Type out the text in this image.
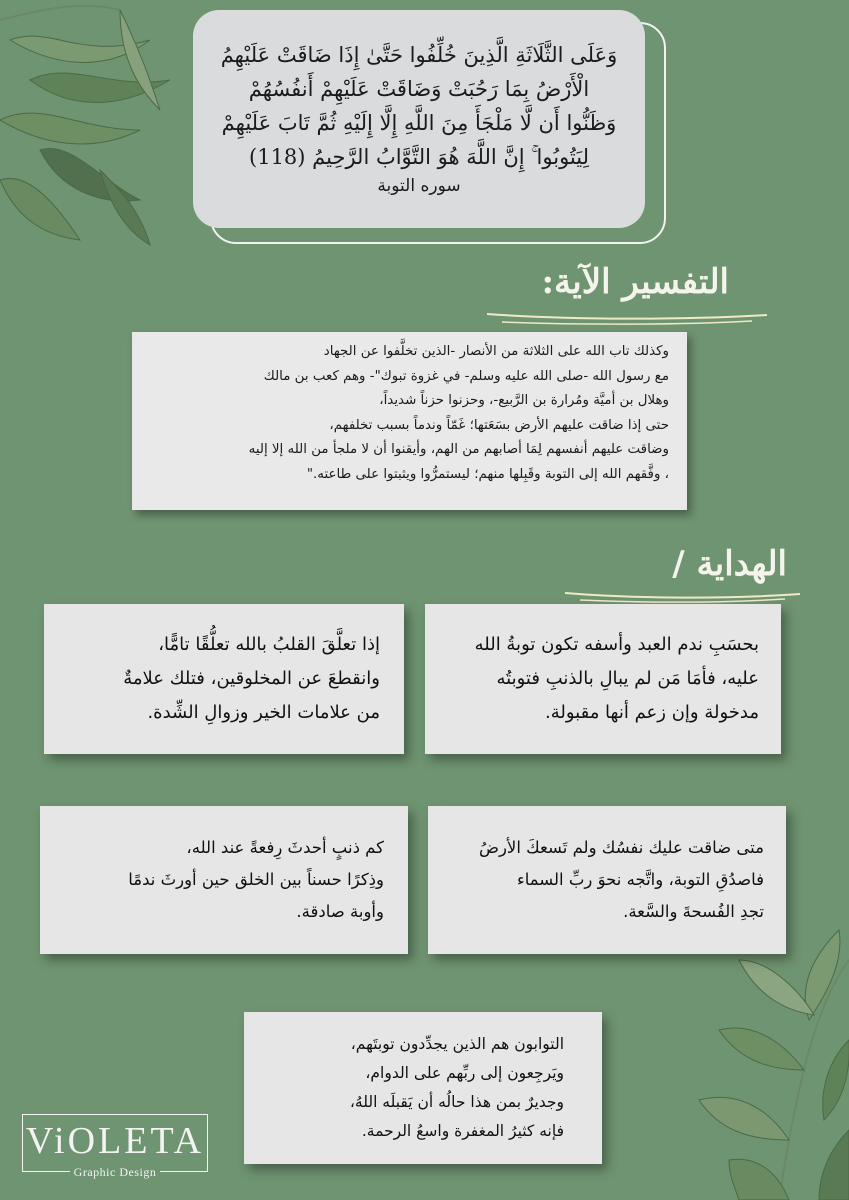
وَعَلَى الثَّلَاثَةِ الَّذِينَ خُلِّفُوا حَتَّىٰ إِذَا ضَاقَتْ عَلَيْهِمُ
الْأَرْضُ بِمَا رَحُبَتْ وَضَاقَتْ عَلَيْهِمْ أَنفُسُهُمْ
وَظَنُّوا أَن لَّا مَلْجَأَ مِنَ اللَّهِ إِلَّا إِلَيْهِ ثُمَّ تَابَ عَلَيْهِمْ
لِيَتُوبُوا ۚ إِنَّ اللَّهَ هُوَ التَّوَّابُ الرَّحِيمُ (118)

سوره التوبة
التفسير الآية:

وكذلك تاب الله على الثلاثة من الأنصار -الذين تخلَّفوا عن الجهاد

مع رسول الله -صلى الله عليه وسلم- في غزوة تبوك"- وهم كعب بن مالك

وهلال بن أميَّة ومُرارة بن الرَّبيع-، وحزنوا حزناً شديداً،

حتى إذا ضاقت عليهم الأرض بسَعَتها؛ غَمّاً وندماً بسبب تخلفهم،

وضاقت عليهم أنفسهم لِمَا أصابهم من الهم، وأيقنوا أن لا ملجأ من الله إلا إليه

، وفَّقهم الله إلى التوبة وقَبِلها منهم؛ ليستمرُّوا ويثبتوا على طاعته."

الهداية /

بحسَبِ ندم العبد وأسفه تكون توبةُ الله

عليه، فأمَا مَن لم يبالِ بالذنبِ فتوبتُه

مدخولة وإن زعم أنها مقبولة.

إذا تعلَّقَ القلبُ بالله تعلُّقًا تامًّا،

وانقطعَ عن المخلوقين، فتلك علامةٌ

من علامات الخير وزوالِ الشِّدة.

متى ضاقت عليك نفسُك ولم تَسعكَ الأرضُ

فاصدُقِ التوبة، واتَّجه نحوَ ربِّ السماء

تجدِ الفُسحةَ والسَّعة.

كم ذنبٍ أحدثَ رِفعةً عند الله،

وذِكرًا حسناً بين الخلق حين أورثَ ندمًا

وأوبة صادقة.

التوابون هم الذين يجدِّدون توبتَهم،

ويَرجِعون إلى ربِّهم على الدوام،

وجديرٌ بمن هذا حالُه أن يَقبلَه اللهُ،

فإنه كثيرُ المغفرة واسعُ الرحمة.

ViOLETA
Graphic Design
